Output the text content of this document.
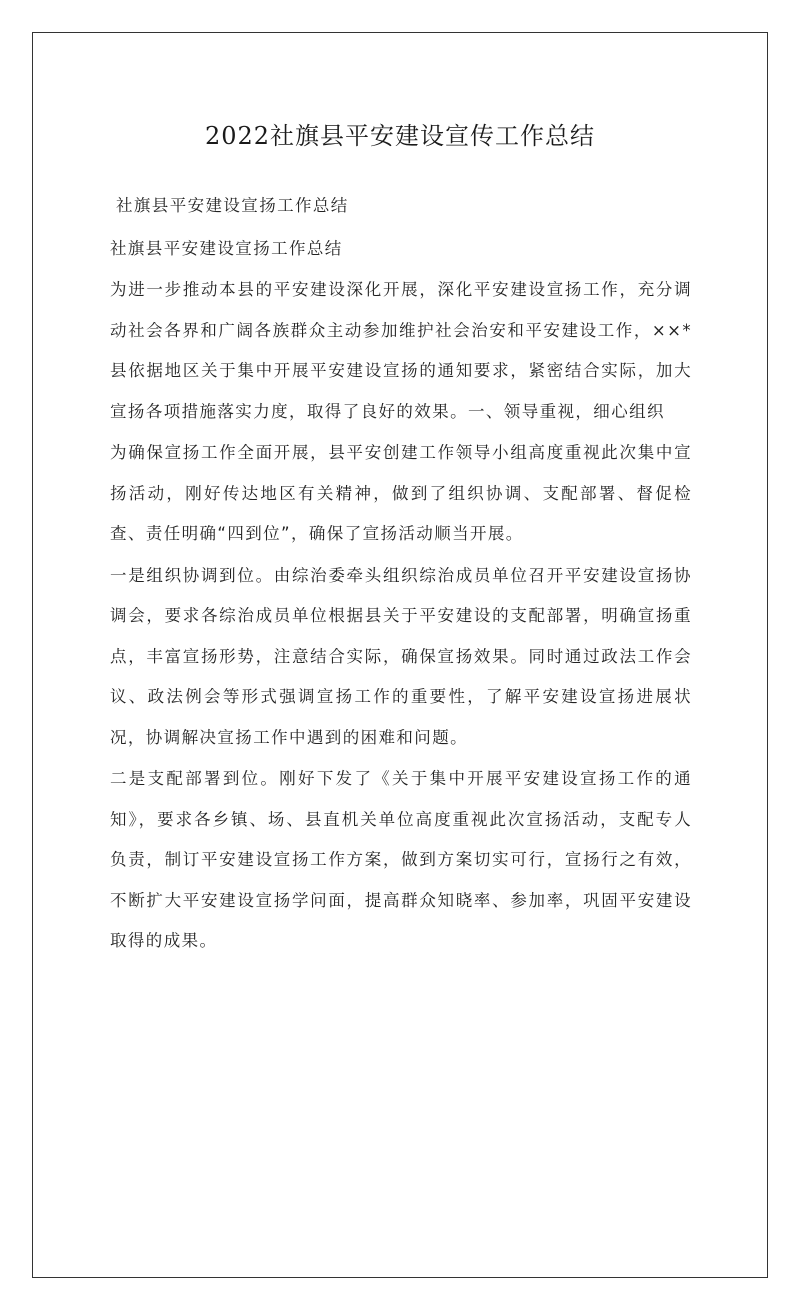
2022社旗县平安建设宣传工作总结

社旗县平安建设宣扬工作总结

社旗县平安建设宣扬工作总结

为进一步推动本县的平安建设深化开展，深化平安建设宣扬工作，充分调动社会各界和广阔各族群众主动参加维护社会治安和平安建设工作，××*县依据地区关于集中开展平安建设宣扬的通知要求，紧密结合实际，加大宣扬各项措施落实力度，取得了良好的效果。一、领导重视，细心组织

为确保宣扬工作全面开展，县平安创建工作领导小组高度重视此次集中宣扬活动，刚好传达地区有关精神，做到了组织协调、支配部署、督促检查、责任明确“四到位”，确保了宣扬活动顺当开展。

一是组织协调到位。由综治委牵头组织综治成员单位召开平安建设宣扬协调会，要求各综治成员单位根据县关于平安建设的支配部署，明确宣扬重点，丰富宣扬形势，注意结合实际，确保宣扬效果。同时通过政法工作会议、政法例会等形式强调宣扬工作的重要性，了解平安建设宣扬进展状况，协调解决宣扬工作中遇到的困难和问题。

二是支配部署到位。刚好下发了《关于集中开展平安建设宣扬工作的通知》，要求各乡镇、场、县直机关单位高度重视此次宣扬活动，支配专人负责，制订平安建设宣扬工作方案，做到方案切实可行，宣扬行之有效，不断扩大平安建设宣扬学问面，提高群众知晓率、参加率，巩固平安建设取得的成果。
